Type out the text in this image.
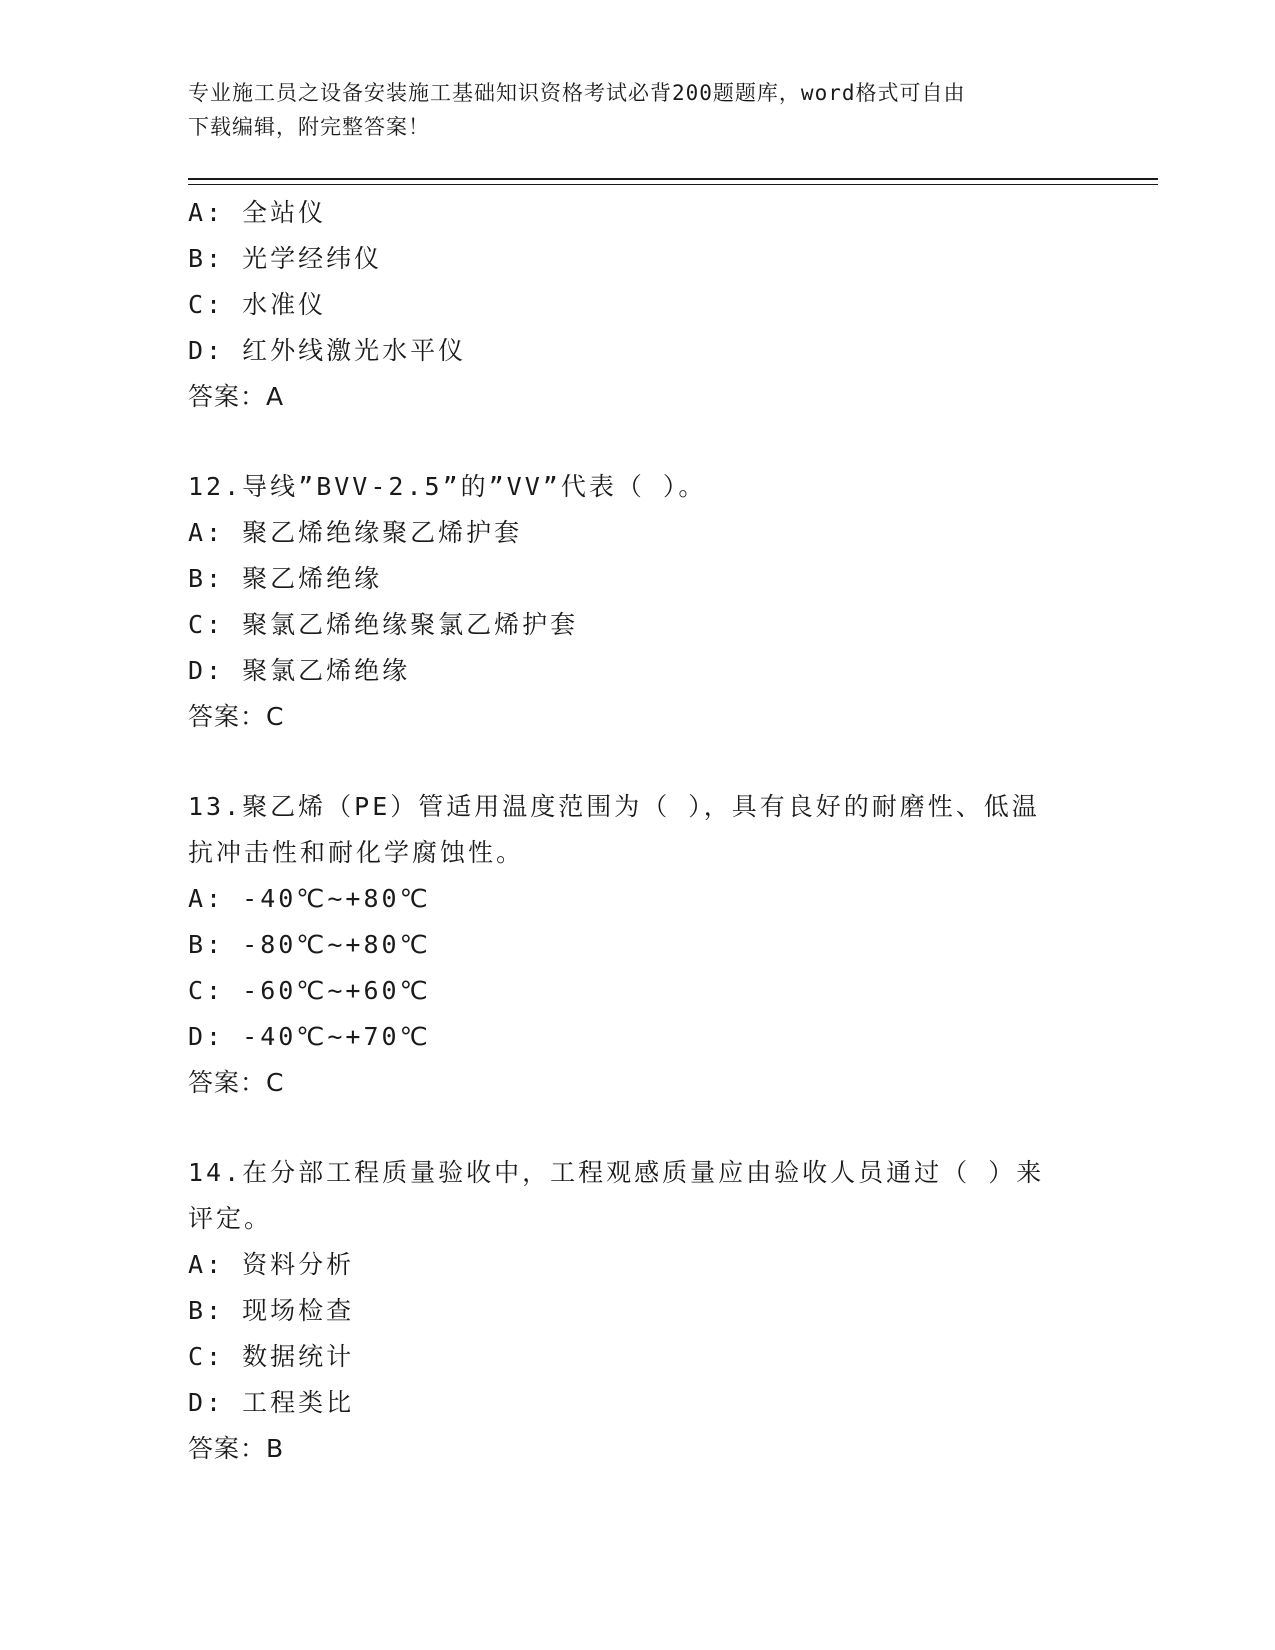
专业施工员之设备安装施工基础知识资格考试必背200题题库，word格式可自由
下载编辑，附完整答案！
A: 全站仪
B: 光学经纬仪
C: 水准仪
D: 红外线激光水平仪
答案：A
12.导线”BVV-2.5”的”VV”代表（ ）。
A: 聚乙烯绝缘聚乙烯护套
B: 聚乙烯绝缘
C: 聚氯乙烯绝缘聚氯乙烯护套
D: 聚氯乙烯绝缘
答案：C
13.聚乙烯（PE）管适用温度范围为（ ），具有良好的耐磨性、低温
抗冲击性和耐化学腐蚀性。
A: -40℃~+80℃
B: -80℃~+80℃
C: -60℃~+60℃
D: -40℃~+70℃
答案：C
14.在分部工程质量验收中，工程观感质量应由验收人员通过（ ）来
评定。
A: 资料分析
B: 现场检查
C: 数据统计
D: 工程类比
答案：B
